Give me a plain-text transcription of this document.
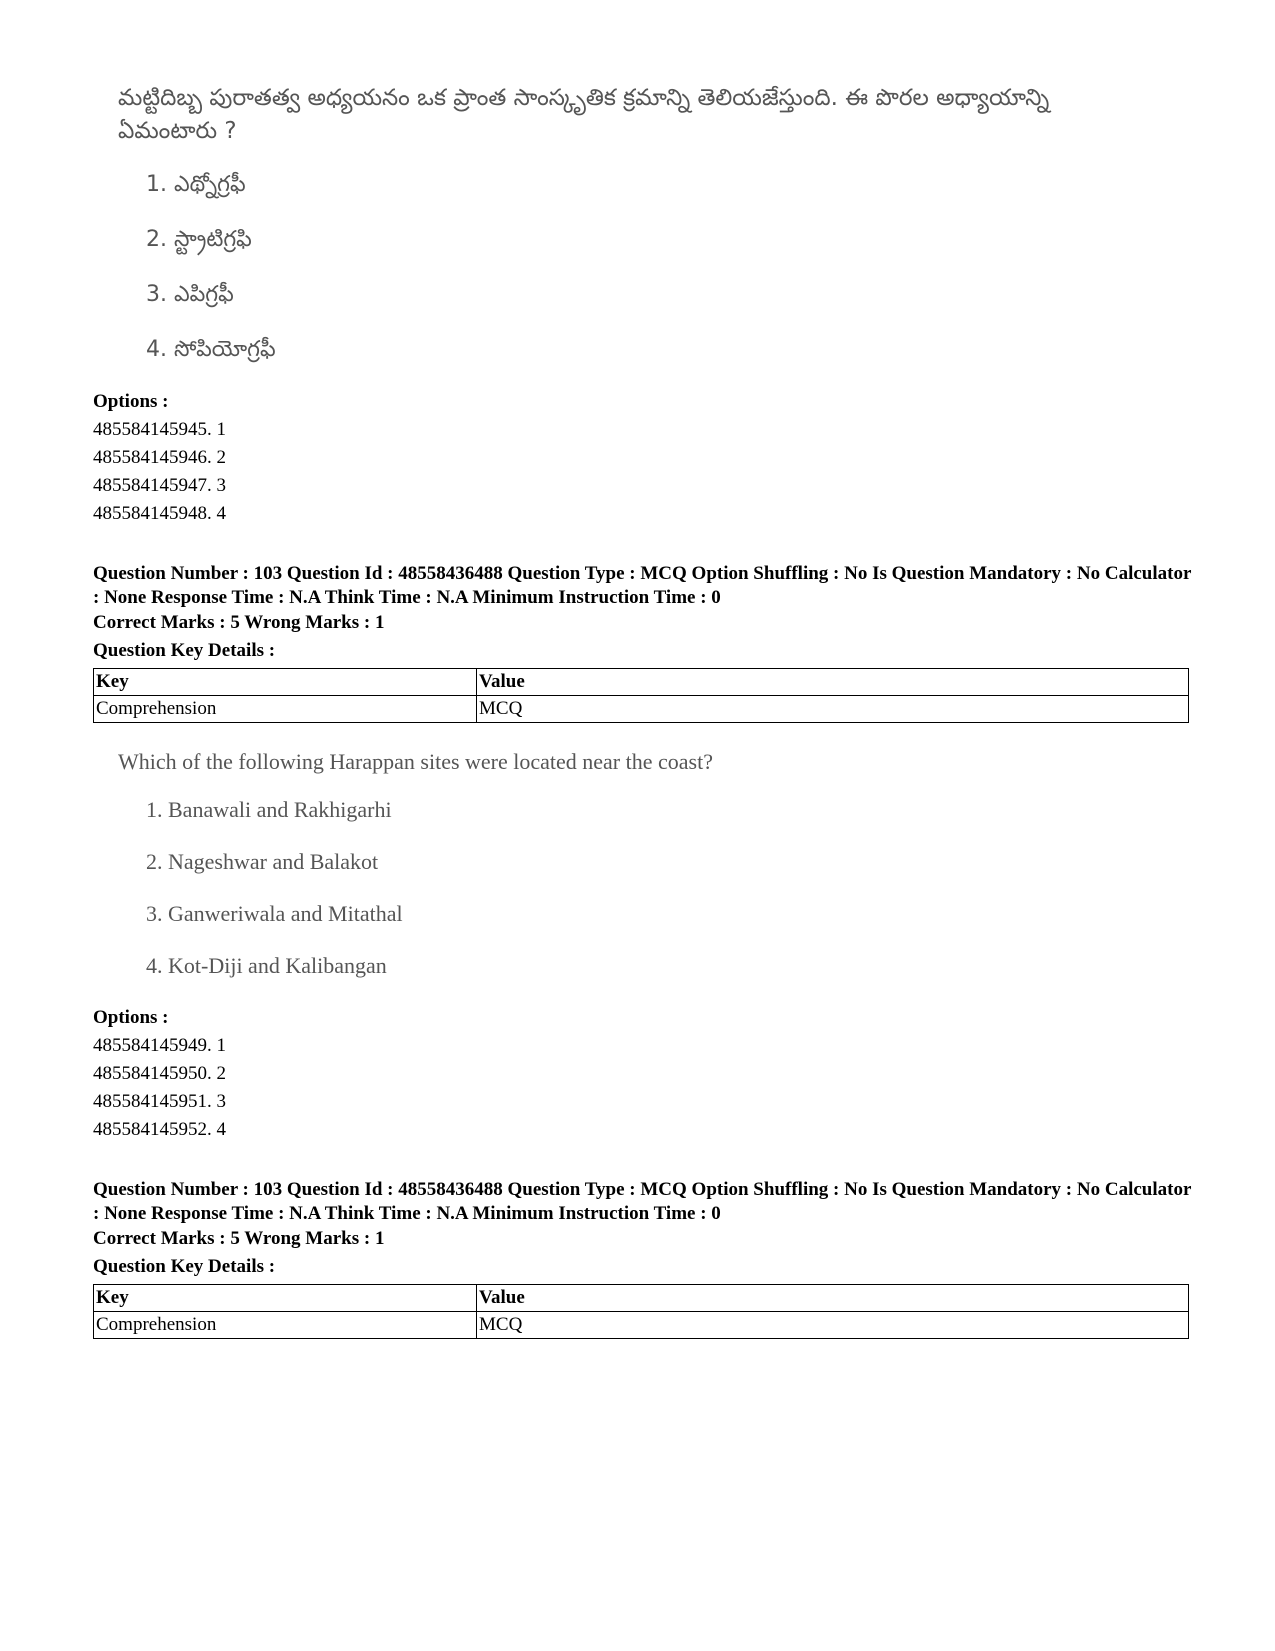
మట్టిదిబ్బ పురాతత్వ అధ్యయనం ఒక ప్రాంత సాంస్కృతిక క్రమాన్ని తెలియజేస్తుంది. ఈ పొరల అధ్యాయాన్ని ఏమంటారు ?

1. ఎథ్నోగ్రఫీ

2. స్ట్రాటిగ్రఫి

3. ఎపిగ్రఫీ

4. సోపియోగ్రఫీ

Options :

485584145945. 1

485584145946. 2

485584145947. 3

485584145948. 4

Question Number : 103 Question Id : 48558436488 Question Type : MCQ Option Shuffling : No Is Question Mandatory : No Calculator : None Response Time : N.A Think Time : N.A Minimum Instruction Time : 0

Correct Marks : 5 Wrong Marks : 1

Question Key Details :

Key	Value
Comprehension	MCQ

Which of the following Harappan sites were located near the coast?

1. Banawali and Rakhigarhi

2. Nageshwar and Balakot

3. Ganweriwala and Mitathal

4. Kot-Diji and Kalibangan

Options :

485584145949. 1

485584145950. 2

485584145951. 3

485584145952. 4

Question Number : 103 Question Id : 48558436488 Question Type : MCQ Option Shuffling : No Is Question Mandatory : No Calculator : None Response Time : N.A Think Time : N.A Minimum Instruction Time : 0

Correct Marks : 5 Wrong Marks : 1

Question Key Details :

Key	Value
Comprehension	MCQ
